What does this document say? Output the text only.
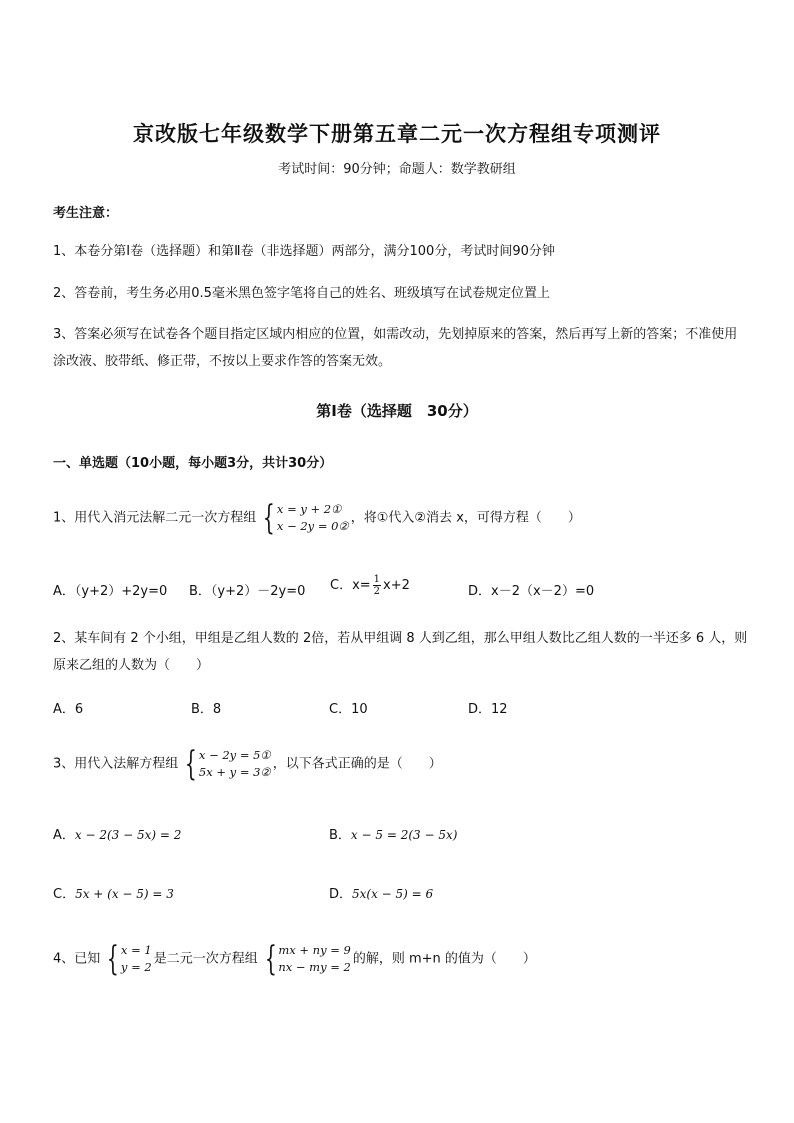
京改版七年级数学下册第五章二元一次方程组专项测评
考试时间：90分钟；命题人：数学教研组
考生注意：
1、本卷分第Ⅰ卷（选择题）和第Ⅱ卷（非选择题）两部分，满分100分，考试时间90分钟
2、答卷前，考生务必用0.5毫米黑色签字笔将自己的姓名、班级填写在试卷规定位置上
3、答案必须写在试卷各个题目指定区域内相应的位置，如需改动，先划掉原来的答案，然后再写上新的答案；不准使用涂改液、胶带纸、修正带，不按以上要求作答的答案无效。
第Ⅰ卷（选择题　30分）
一、单选题（10小题，每小题3分，共计30分）
1、用代入消元法解二元一次方程组 { x = y + 2①
x − 2y = 0②
，将①代入②消去 x，可得方程（　　）
A．（y+2）+2y=0 B．（y+2）－2y=0 C．$x= \frac{1}{2} x+2$	D．x－2（x－2）=0
2、某车间有 2 个小组，甲组是乙组人数的 2倍，若从甲组调 8 人到乙组，那么甲组人数比乙组人数的一半还多 6 人，则原来乙组的人数为（　　）
A．6	B．8	C．10	D．12
3、用代入法解方程组 { x − 2y = 5①
5x + y = 3②
，以下各式正确的是（　　）
A．x − 2(3 − 5x) = 2	B．x − 5 = 2(3 − 5x)
C．5x + (x − 5) = 3	D．5x(x − 5) = 6
4、已知 { x = 1
y = 2
是二元一次方程组 { mx + ny = 9
nx − my = 2
的解，则 m+n 的值为（　　）
